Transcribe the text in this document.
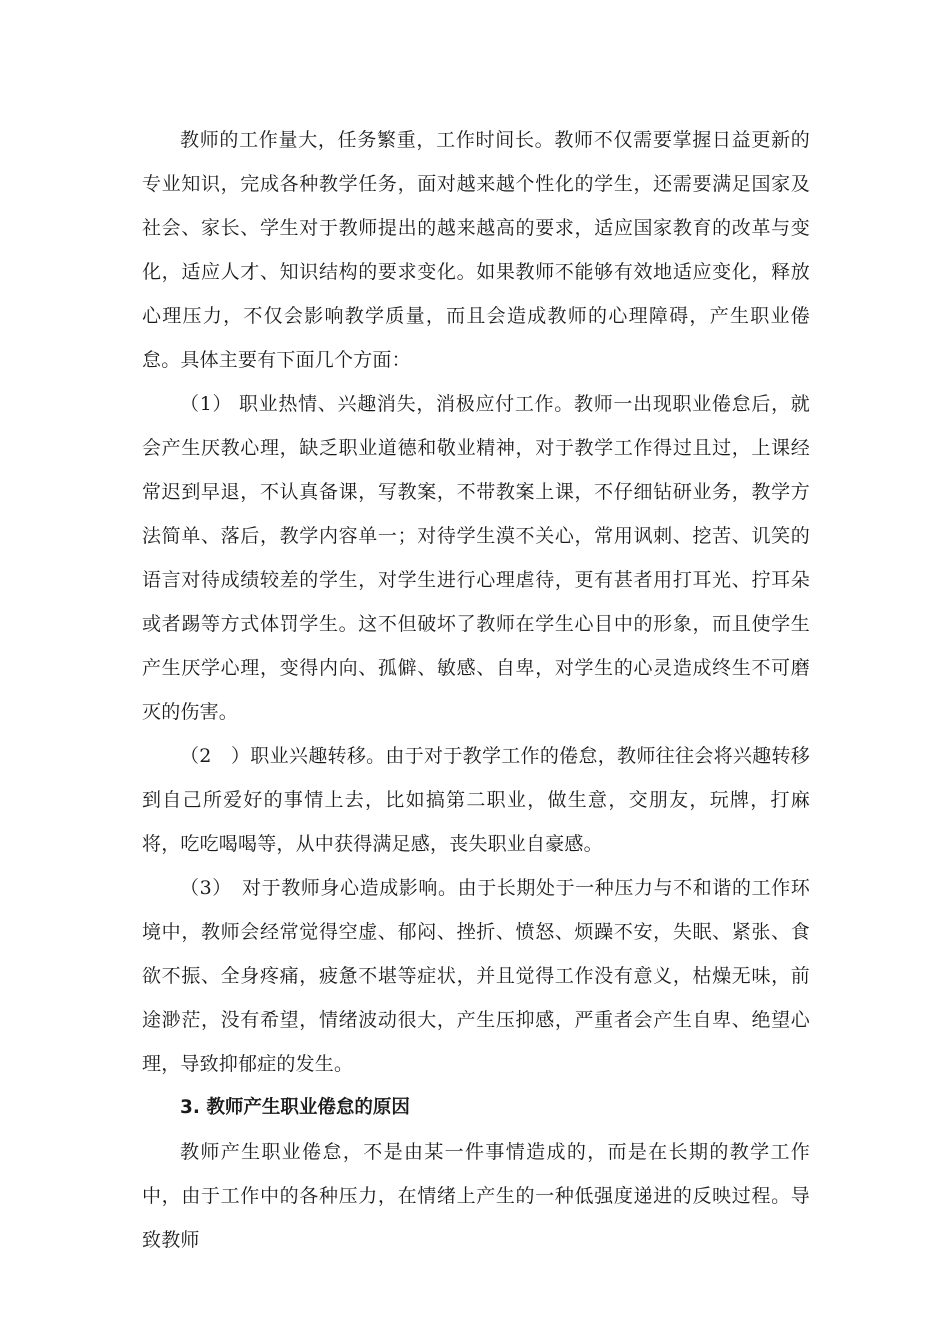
教师的工作量大，任务繁重，工作时间长。教师不仅需要掌握日益更新的专业知识，完成各种教学任务，面对越来越个性化的学生，还需要满足国家及社会、家长、学生对于教师提出的越来越高的要求，适应国家教育的改革与变化，适应人才、知识结构的要求变化。如果教师不能够有效地适应变化，释放心理压力，不仅会影响教学质量，而且会造成教师的心理障碍，产生职业倦怠。具体主要有下面几个方面：

（1） 职业热情、兴趣消失，消极应付工作。教师一出现职业倦怠后，就会产生厌教心理，缺乏职业道德和敬业精神，对于教学工作得过且过，上课经常迟到早退，不认真备课，写教案，不带教案上课，不仔细钻研业务，教学方法简单、落后，教学内容单一；对待学生漠不关心，常用讽刺、挖苦、讥笑的语言对待成绩较差的学生，对学生进行心理虐待，更有甚者用打耳光、拧耳朵或者踢等方式体罚学生。这不但破坏了教师在学生心目中的形象，而且使学生产生厌学心理，变得内向、孤僻、敏感、自卑，对学生的心灵造成终生不可磨灭的伤害。

（2　）职业兴趣转移。由于对于教学工作的倦怠，教师往往会将兴趣转移到自己所爱好的事情上去，比如搞第二职业，做生意，交朋友，玩牌，打麻将，吃吃喝喝等，从中获得满足感，丧失职业自豪感。

（3）　对于教师身心造成影响。由于长期处于一种压力与不和谐的工作环境中，教师会经常觉得空虚、郁闷、挫折、愤怒、烦躁不安，失眠、紧张、食欲不振、全身疼痛，疲惫不堪等症状，并且觉得工作没有意义，枯燥无味，前途渺茫，没有希望，情绪波动很大，产生压抑感，严重者会产生自卑、绝望心理，导致抑郁症的发生。

3. 教师产生职业倦怠的原因

教师产生职业倦怠，不是由某一件事情造成的，而是在长期的教学工作中，由于工作中的各种压力，在情绪上产生的一种低强度递进的反映过程。导致教师
